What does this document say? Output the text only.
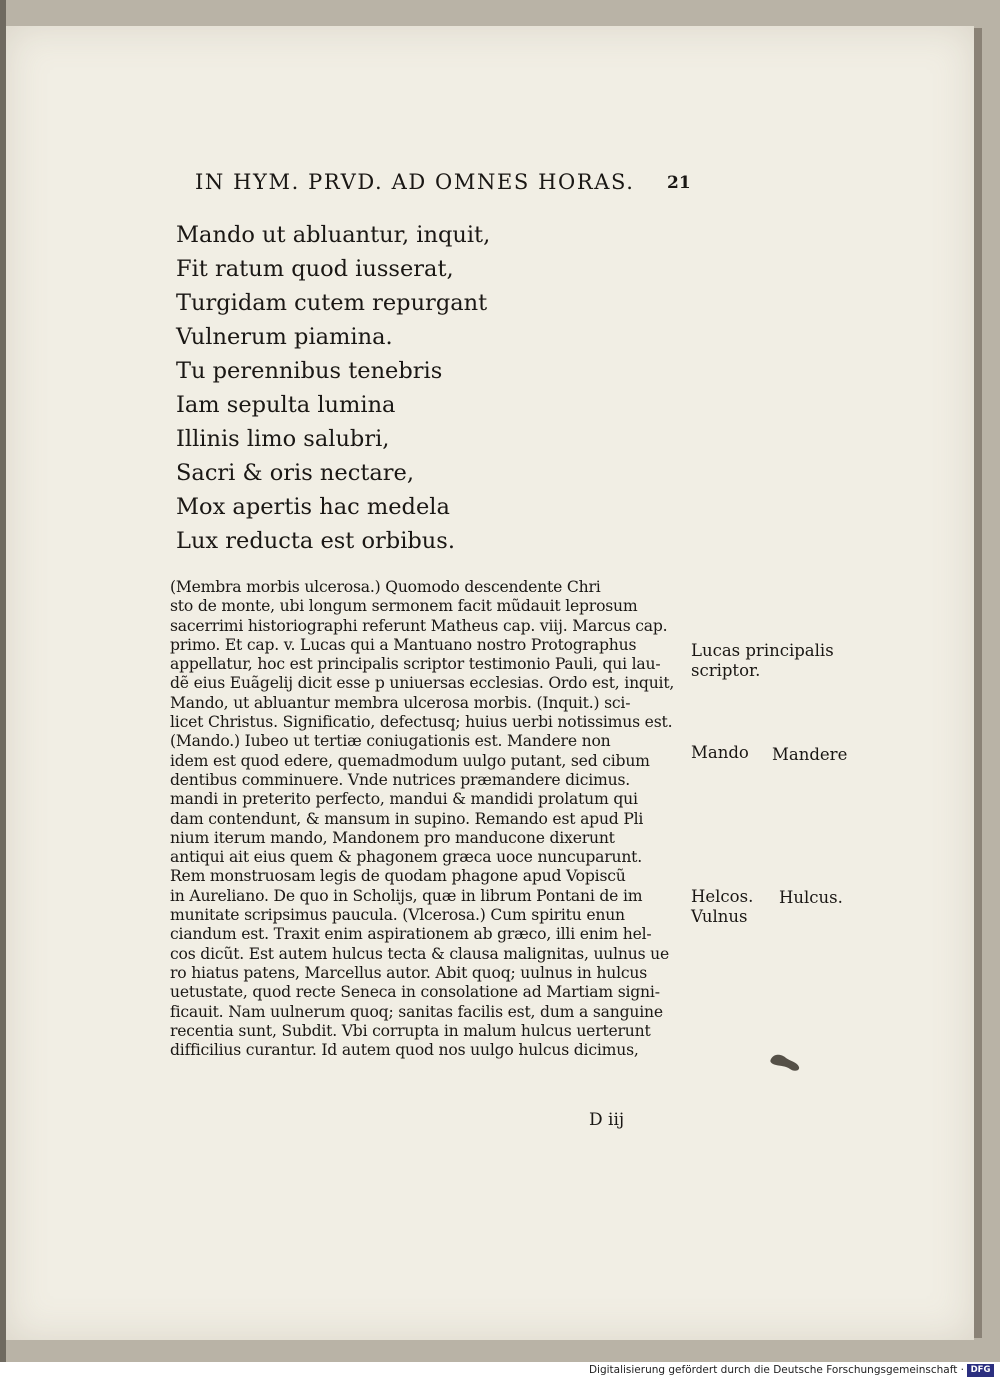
IN HYM. PRVD. AD OMNES HORAS. 21
Mando ut abluantur, inquit,
Fit ratum quod iusserat,
Turgidam cutem repurgant
Vulnerum piamina.
Tu perennibus tenebris
Iam sepulta lumina
Illinis limo salubri,
Sacri & oris nectare,
Mox apertis hac medela
Lux reducta est orbibus.
(Membra morbis ulcerosa.) Quomodo descendente Chri
sto de monte, ubi longum sermonem facit mũdauit leprosum
sacerrimi historiographi referunt Matheus cap. viij. Marcus cap.
primo. Et cap. v. Lucas qui a Mantuano nostro Protographus
appellatur, hoc est principalis scriptor testimonio Pauli, qui lau-
dẽ eius Euãgelij dicit esse p uniuersas ecclesias. Ordo est, inquit,
Mando, ut abluantur membra ulcerosa morbis. (Inquit.) sci-
licet Christus. Significatio, defectusq; huius uerbi notissimus est.
(Mando.) Iubeo ut tertiæ coniugationis est. Mandere non
idem est quod edere, quemadmodum uulgo putant, sed cibum
dentibus comminuere. Vnde nutrices præmandere dicimus.
mandi in preterito perfecto, mandui & mandidi prolatum qui
dam contendunt, & mansum in supino. Remando est apud Pli
nium iterum mando, Mandonem pro manducone dixerunt
antiqui ait eius quem & phagonem græca uoce nuncuparunt.
Rem monstruosam legis de quodam phagone apud Vopiscũ
in Aureliano. De quo in Scholijs, quæ in librum Pontani de im
munitate scripsimus paucula. (Vlcerosa.) Cum spiritu enun
ciandum est. Traxit enim aspirationem ab græco, illi enim hel-
cos dicũt. Est autem hulcus tecta & clausa malignitas, uulnus ue
ro hiatus patens, Marcellus autor. Abit quoq; uulnus in hulcus
uetustate, quod recte Seneca in consolatione ad Martiam signi-
ficauit. Nam uulnerum quoq; sanitas facilis est, dum a sanguine
recentia sunt, Subdit. Vbi corrupta in malum hulcus uerterunt
difficilius curantur. Id autem quod nos uulgo hulcus dicimus,
D iij
Lucas principalis
scriptor.
Mando Mandere
Helcos.
Vulnus
Hulcus.
Digitalisierung gefördert durch die Deutsche Forschungsgemeinschaft · DFG
